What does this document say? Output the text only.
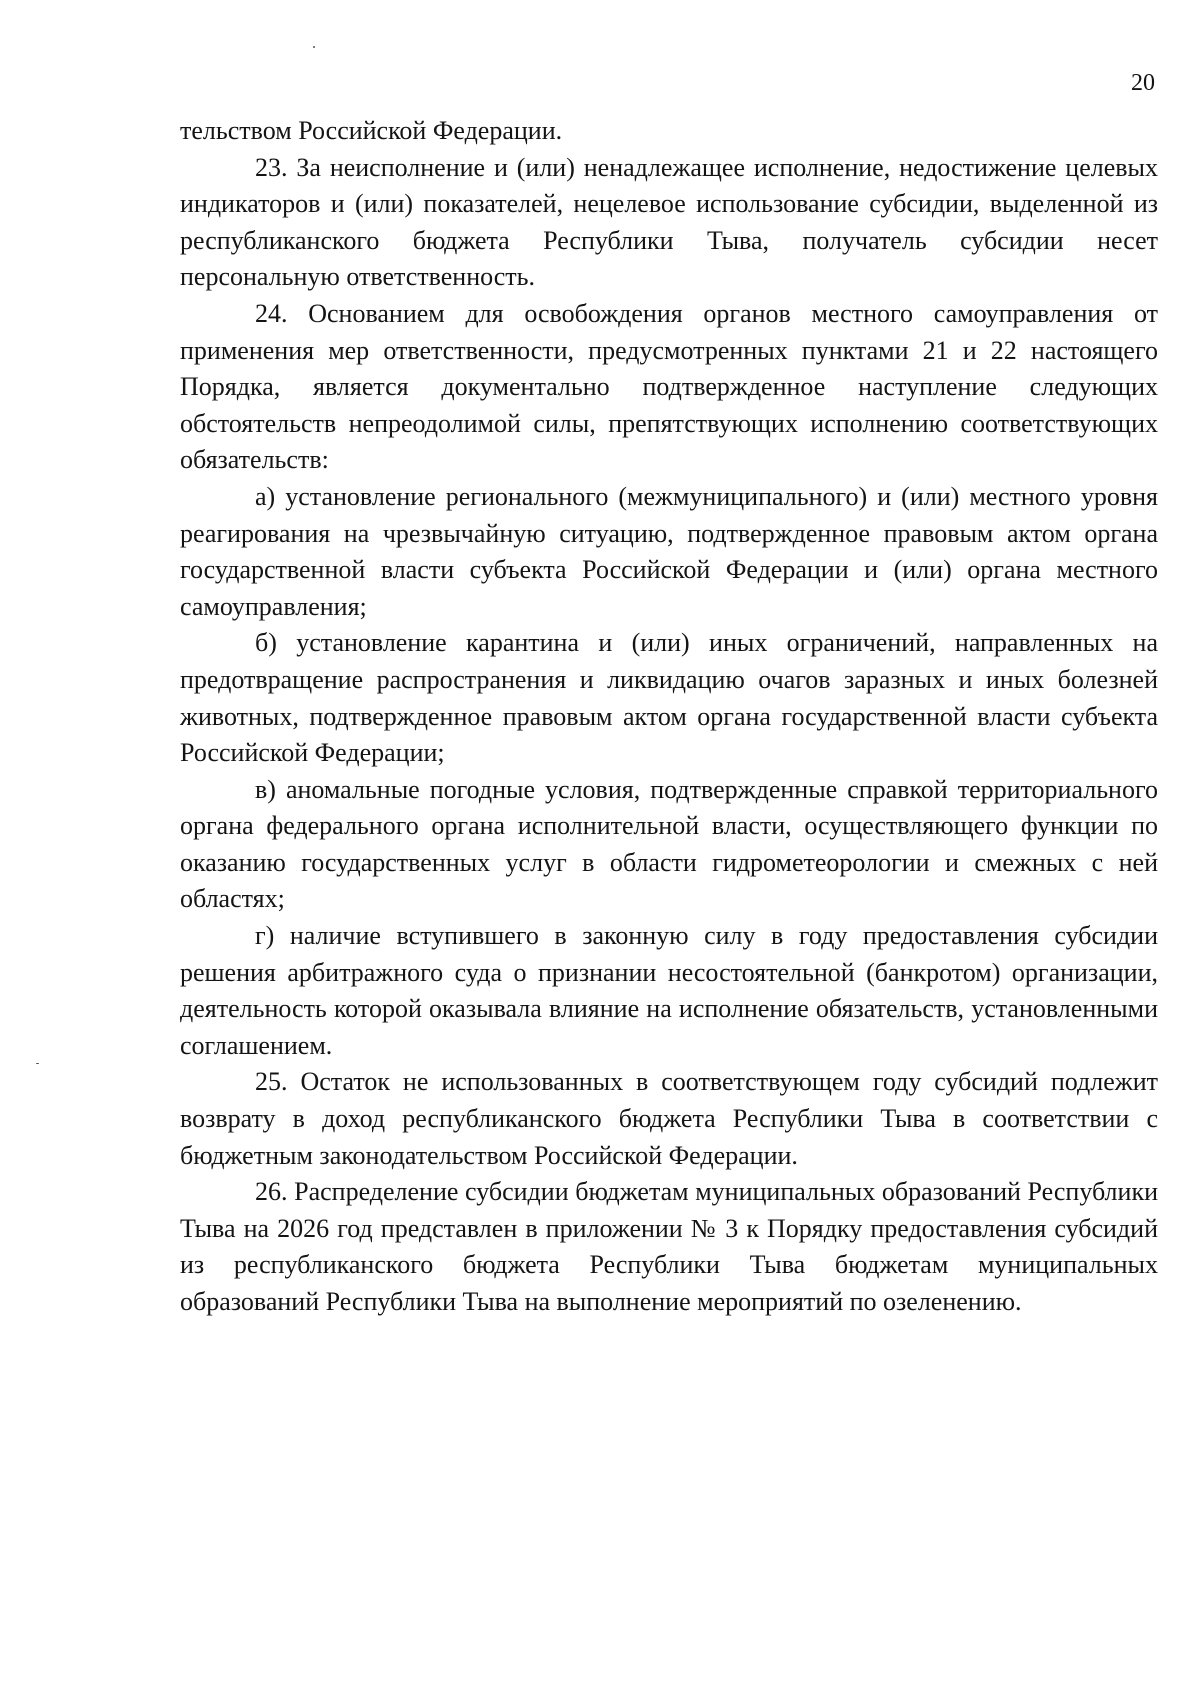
20

тельством Российской Федерации.

23. За неисполнение и (или) ненадлежащее исполнение, недостижение целевых индикаторов и (или) показателей, нецелевое использование субсидии, выделенной из республиканского бюджета Республики Тыва, получатель субсидии несет персональную ответственность.

24. Основанием для освобождения органов местного самоуправления от применения мер ответственности, предусмотренных пунктами 21 и 22 настоящего Порядка, является документально подтвержденное наступление следующих обстоятельств непреодолимой силы, препятствующих исполнению соответствующих обязательств:

а) установление регионального (межмуниципального) и (или) местного уровня реагирования на чрезвычайную ситуацию, подтвержденное правовым актом органа государственной власти субъекта Российской Федерации и (или) органа местного самоуправления;

б) установление карантина и (или) иных ограничений, направленных на предотвращение распространения и ликвидацию очагов заразных и иных болезней животных, подтвержденное правовым актом органа государственной власти субъекта Российской Федерации;

в) аномальные погодные условия, подтвержденные справкой территориального органа федерального органа исполнительной власти, осуществляющего функции по оказанию государственных услуг в области гидрометеорологии и смежных с ней областях;

г) наличие вступившего в законную силу в году предоставления субсидии решения арбитражного суда о признании несостоятельной (банкротом) организации, деятельность которой оказывала влияние на исполнение обязательств, установленными соглашением.

25. Остаток не использованных в соответствующем году субсидий подлежит возврату в доход республиканского бюджета Республики Тыва в соответствии с бюджетным законодательством Российской Федерации.

26. Распределение субсидии бюджетам муниципальных образований Республики Тыва на 2026 год представлен в приложении № 3 к Порядку предоставления субсидий из республиканского бюджета Республики Тыва бюджетам муниципальных образований Республики Тыва на выполнение мероприятий по озеленению.
